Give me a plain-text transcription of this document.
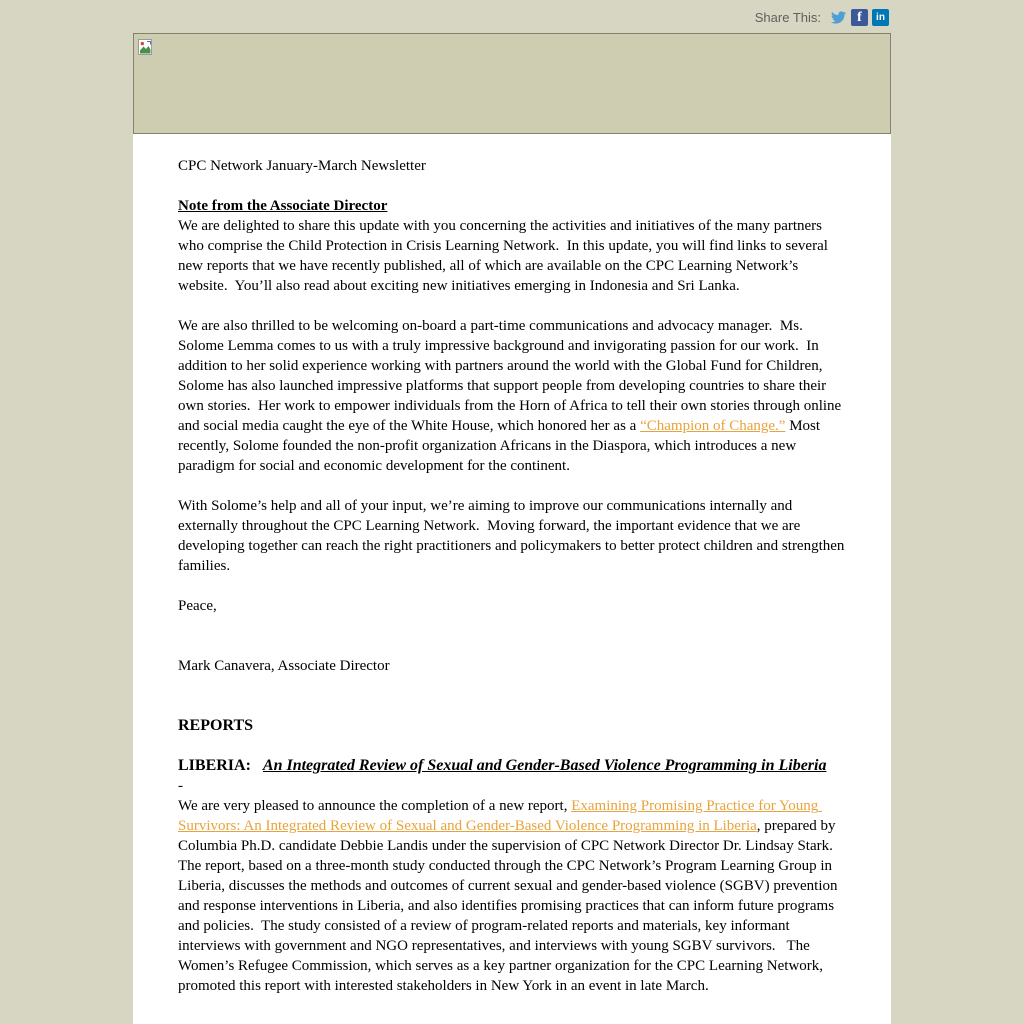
Share This:	f in

CPC Network January-March Newsletter

Note from the Associate Director

We are delighted to share this update with you concerning the activities and initiatives of the many partners who comprise the Child Protection in Crisis Learning Network.  In this update, you will find links to several new reports that we have recently published, all of which are available on the CPC Learning Network’s website.  You’ll also read about exciting new initiatives emerging in Indonesia and Sri Lanka.

We are also thrilled to be welcoming on-board a part-time communications and advocacy manager.  Ms. Solome Lemma comes to us with a truly impressive background and invigorating passion for our work.  In addition to her solid experience working with partners around the world with the Global Fund for Children, Solome has also launched impressive platforms that support people from developing countries to share their own stories.  Her work to empower individuals from the Horn of Africa to tell their own stories through online and social media caught the eye of the White House, which honored her as a “Champion of Change.” Most recently, Solome founded the non-profit organization Africans in the Diaspora, which introduces a new paradigm for social and economic development for the continent.

With Solome’s help and all of your input, we’re aiming to improve our communications internally and externally throughout the CPC Learning Network.  Moving forward, the important evidence that we are developing together can reach the right practitioners and policymakers to better protect children and strengthen families.

Peace,

Mark Canavera, Associate Director

REPORTS

LIBERIA: An Integrated Review of Sexual and Gender-Based Violence Programming in Liberia

-

We are very pleased to announce the completion of a new report, Examining Promising Practice for Young Survivors: An Integrated Review of Sexual and Gender-Based Violence Programming in Liberia, prepared by Columbia Ph.D. candidate Debbie Landis under the supervision of CPC Network Director Dr. Lindsay Stark.  The report, based on a three-month study conducted through the CPC Network’s Program Learning Group in Liberia, discusses the methods and outcomes of current sexual and gender-based violence (SGBV) prevention and response interventions in Liberia, and also identifies promising practices that can inform future programs and policies.  The study consisted of a review of program-related reports and materials, key informant interviews with government and NGO representatives, and interviews with young SGBV survivors.   The Women’s Refugee Commission, which serves as a key partner organization for the CPC Learning Network, promoted this report with interested stakeholders in New York in an event in late March.
